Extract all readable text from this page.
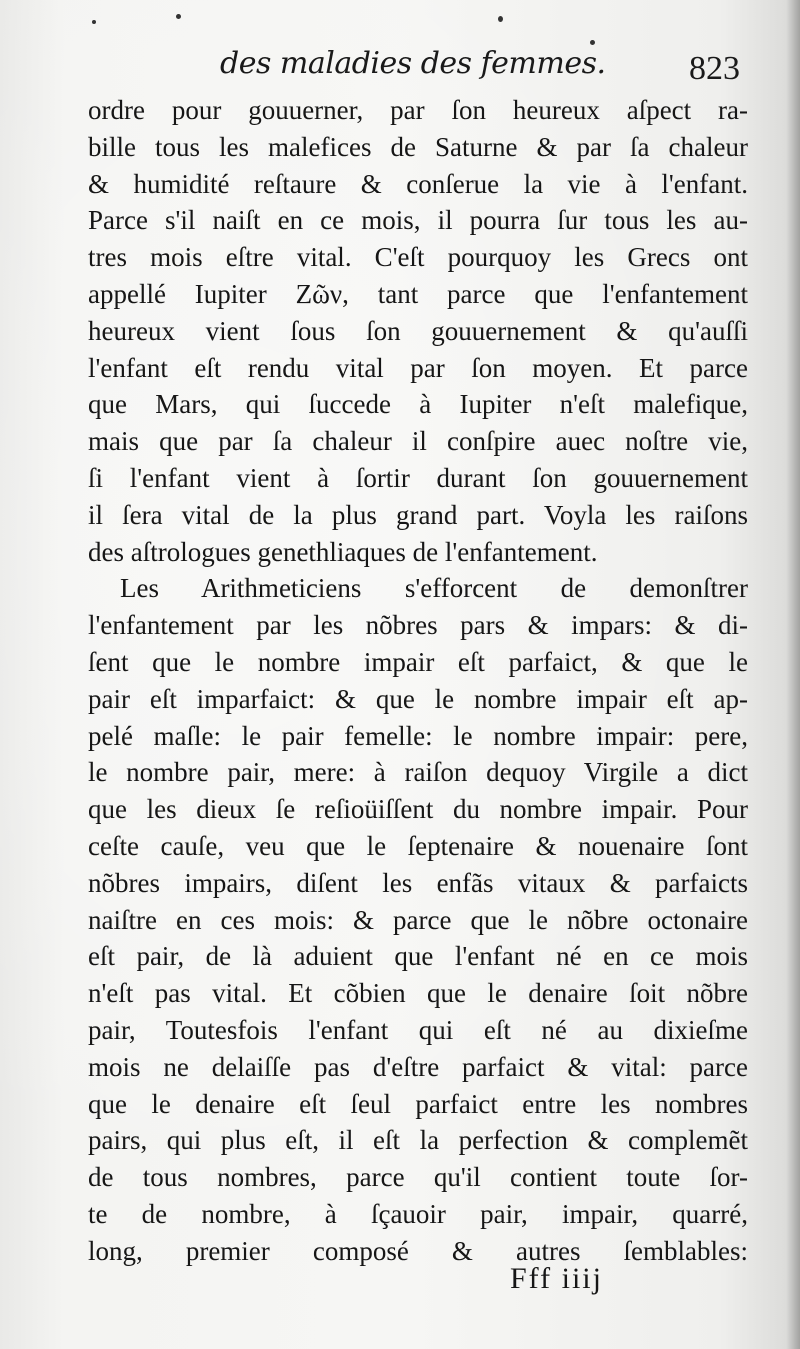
des maladies des femmes. 823
ordre pour gouuerner, par ſon heureux aſpect ra-
bille tous les malefices de Saturne & par ſa chaleur
& humidité reſtaure & conſerue la vie à l'enfant.
Parce s'il naiſt en ce mois, il pourra ſur tous les au-
tres mois eſtre vital. C'eſt pourquoy les Grecs ont
appellé Iupiter Ζῶν, tant parce que l'enfantement
heureux vient ſous ſon gouuernement & qu'auſſi
l'enfant eſt rendu vital par ſon moyen. Et parce
que Mars, qui ſuccede à Iupiter n'eſt malefique,
mais que par ſa chaleur il conſpire auec noſtre vie,
ſi l'enfant vient à ſortir durant ſon gouuernement
il ſera vital de la plus grand part. Voyla les raiſons
des aſtrologues genethliaques de l'enfantement.
Les Arithmeticiens s'efforcent de demonſtrer
l'enfantement par les nõbres pars & impars: & di-
ſent que le nombre impair eſt parfaict, & que le
pair eſt imparfaict: & que le nombre impair eſt ap-
pelé maſle: le pair femelle: le nombre impair: pere,
le nombre pair, mere: à raiſon dequoy Virgile a dict
que les dieux ſe reſioüiſſent du nombre impair. Pour
ceſte cauſe, veu que le ſeptenaire & nouenaire ſont
nõbres impairs, diſent les enfãs vitaux & parfaicts
naiſtre en ces mois: & parce que le nõbre octonaire
eſt pair, de là aduient que l'enfant né en ce mois
n'eſt pas vital. Et cõbien que le denaire ſoit nõbre
pair, Toutesfois l'enfant qui eſt né au dixieſme
mois ne delaiſſe pas d'eſtre parfaict & vital: parce
que le denaire eſt ſeul parfaict entre les nombres
pairs, qui plus eſt, il eſt la perfection & complemẽt
de tous nombres, parce qu'il contient toute ſor-
te de nombre, à ſçauoir pair, impair, quarré,
long, premier composé & autres ſemblables:
Fff iiij
